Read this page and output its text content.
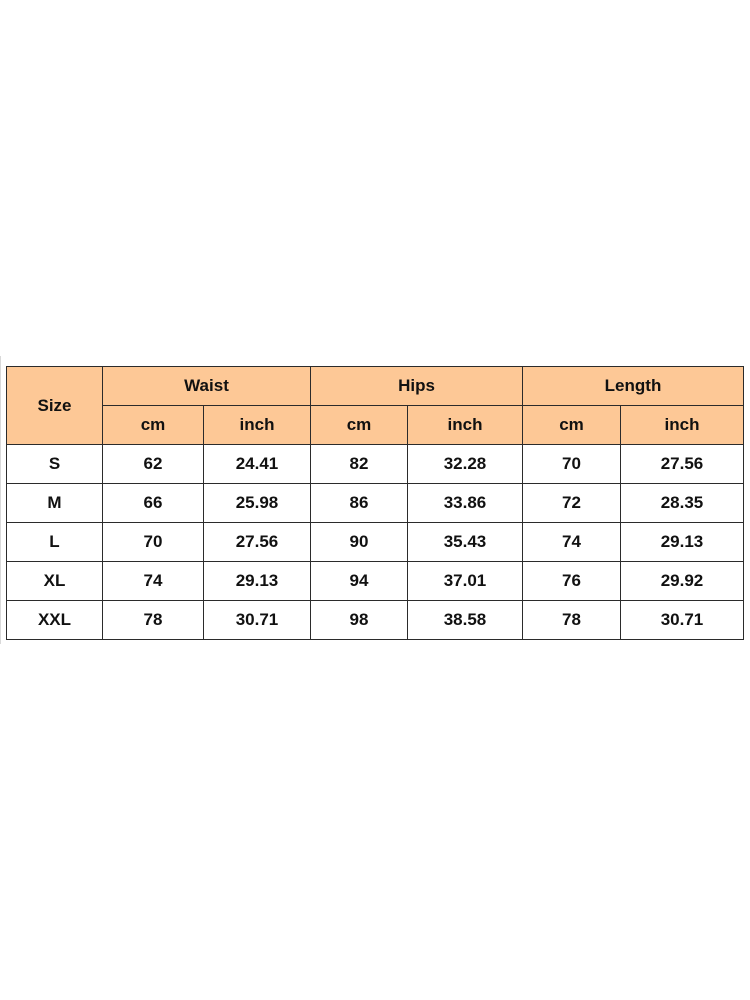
Size	Waist		Hips		Length	
	cm	inch	cm	inch	cm	inch
S	62	24.41	82	32.28	70	27.56
M	66	25.98	86	33.86	72	28.35
L	70	27.56	90	35.43	74	29.13
XL	74	29.13	94	37.01	76	29.92
XXL	78	30.71	98	38.58	78	30.71
